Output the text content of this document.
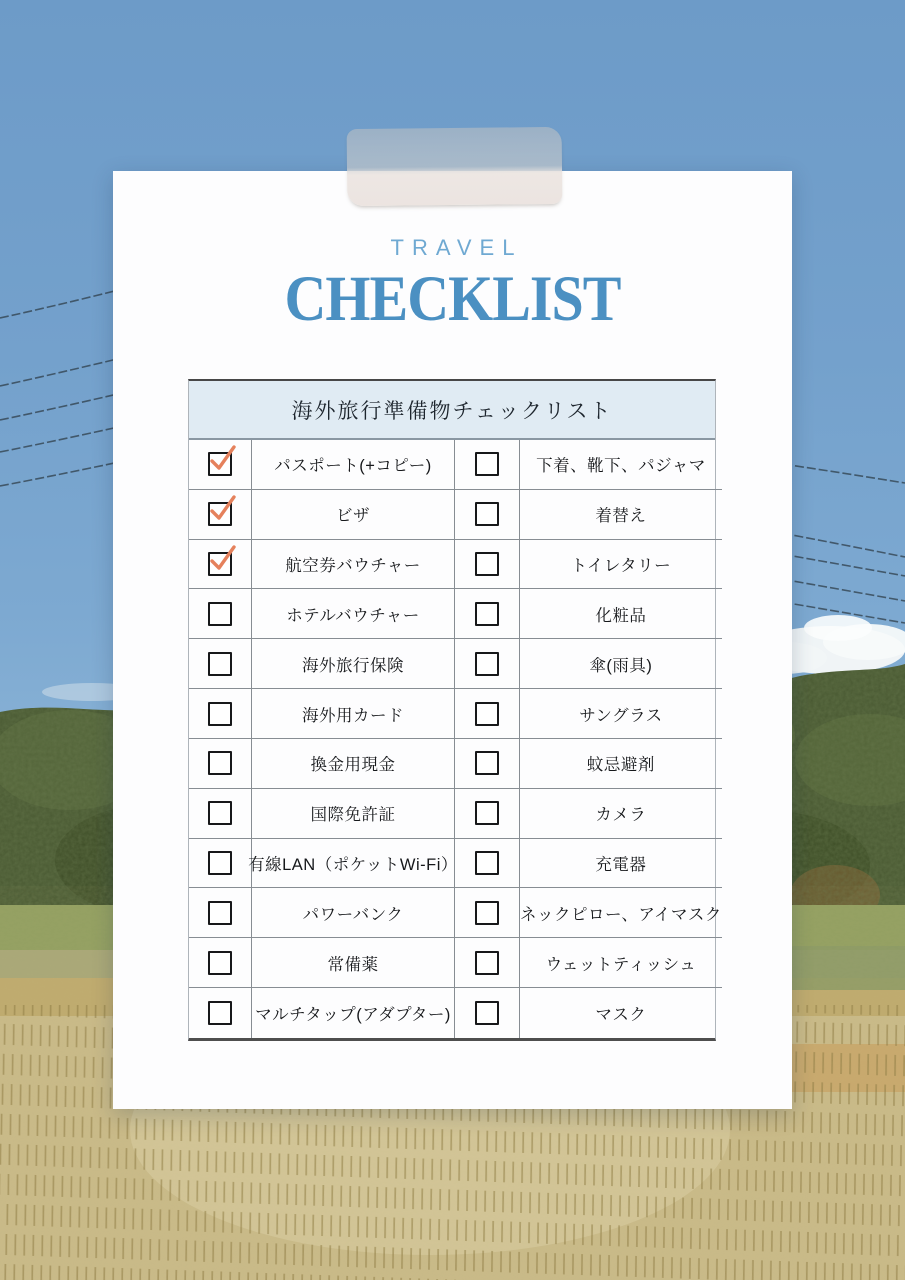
TRAVEL
CHECKLIST
海外旅行準備物チェックリスト
パスポート(+コピー)	下着、靴下、パジャマ
ビザ	着替え
航空券バウチャー	トイレタリー
ホテルバウチャー	化粧品
海外旅行保険	傘(雨具)
海外用カード	サングラス
換金用現金	蚊忌避剤
国際免許証	カメラ
有線LAN（ポケットWi-Fi）	充電器
パワーバンク	ネックピロー、アイマスク
常備薬	ウェットティッシュ
マルチタップ(アダプター)	マスク
